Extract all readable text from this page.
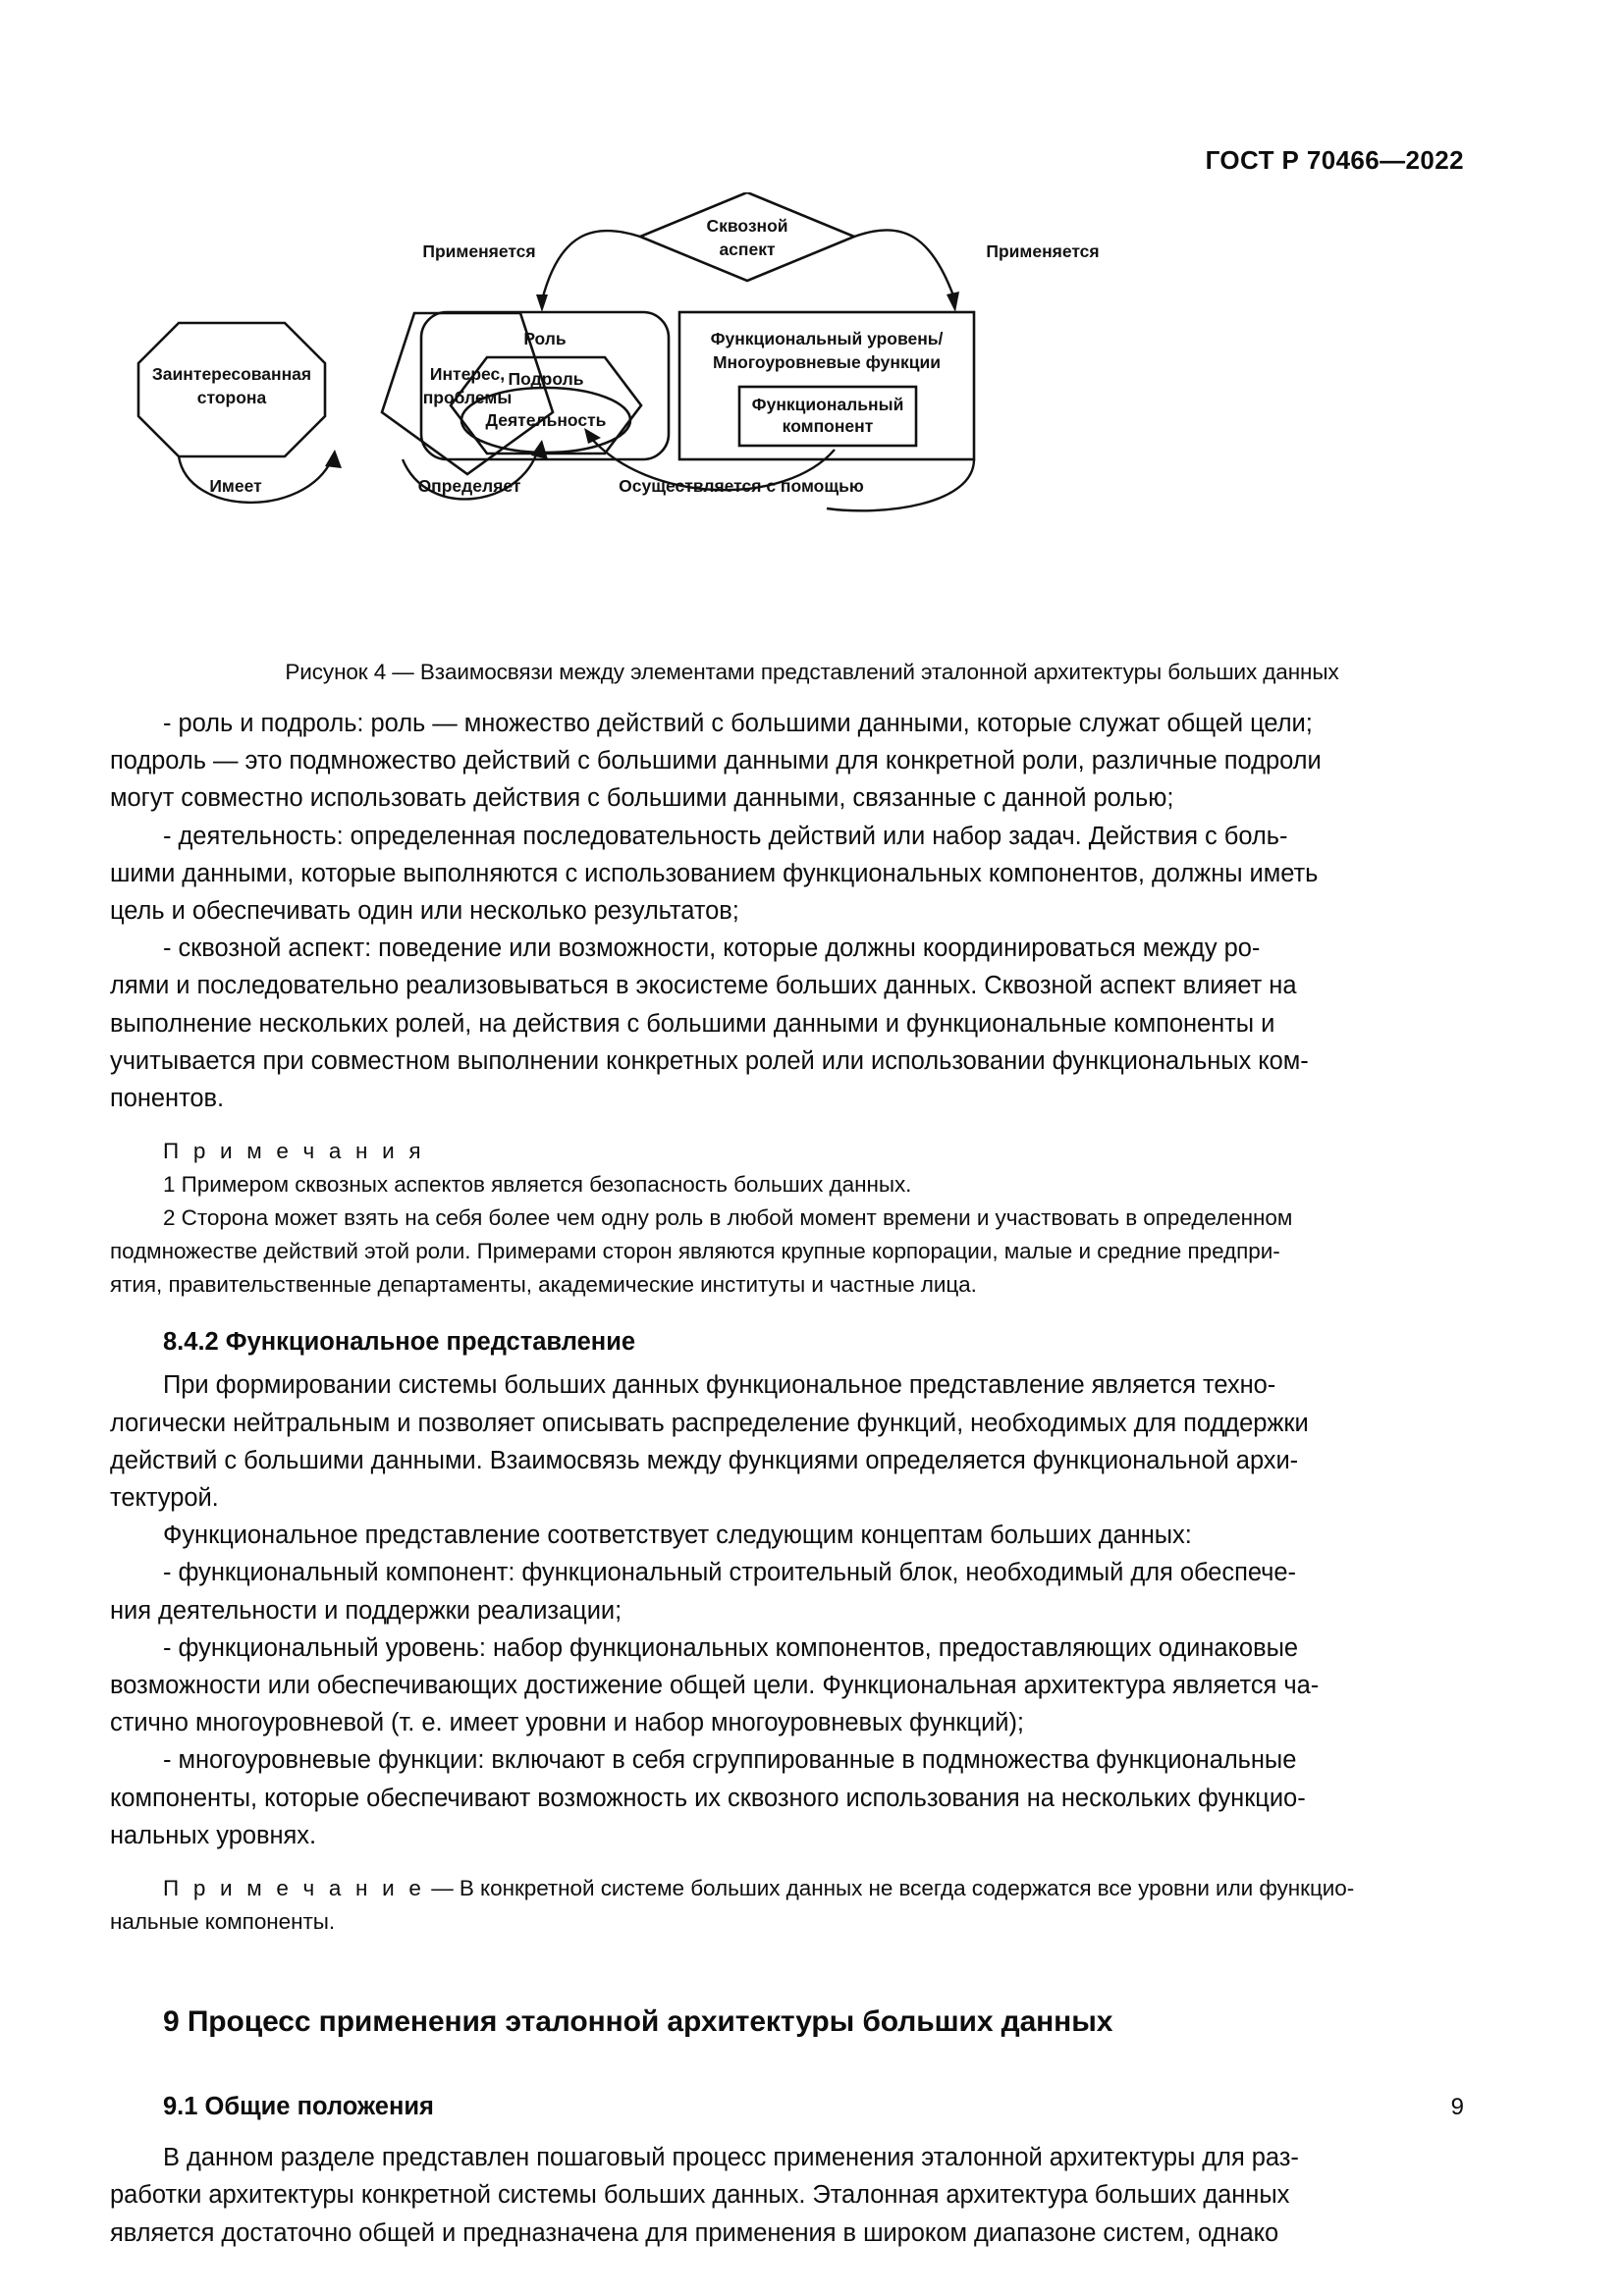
ГОСТ Р 70466—2022
Сквозной
аспект
Применяется	Применяется
Заинтересованная
сторона
Интерес,
проблемы
Роль
Подроль
Деятельность
Функциональный уровень/
Многоуровневые функции
Функциональный
компонент
Имеет	Определяет	Осуществляется с помощью
Рисунок 4 — Взаимосвязи между элементами представлений эталонной архитектуры больших данных

- роль и подроль: роль — множество действий с большими данными, которые служат общей цели;

подроль — это подмножество действий с большими данными для конкретной роли, различные подроли

могут совместно использовать действия с большими данными, связанные с данной ролью;

- деятельность: определенная последовательность действий или набор задач. Действия с боль-

шими данными, которые выполняются с использованием функциональных компонентов, должны иметь

цель и обеспечивать один или несколько результатов;

- сквозной аспект: поведение или возможности, которые должны координироваться между ро-

лями и последовательно реализовываться в экосистеме больших данных. Сквозной аспект влияет на

выполнение нескольких ролей, на действия с большими данными и функциональные компоненты и

учитывается при совместном выполнении конкретных ролей или использовании функциональных ком-

понентов.

П р и м е ч а н и я

1 Примером сквозных аспектов является безопасность больших данных.

2 Сторона может взять на себя более чем одну роль в любой момент времени и участвовать в определенном

подмножестве действий этой роли. Примерами сторон являются крупные корпорации, малые и средние предпри-

ятия, правительственные департаменты, академические институты и частные лица.

8.4.2 Функциональное представление

При формировании системы больших данных функциональное представление является техно-

логически нейтральным и позволяет описывать распределение функций, необходимых для поддержки

действий с большими данными. Взаимосвязь между функциями определяется функциональной архи-

тектурой.

Функциональное представление соответствует следующим концептам больших данных:

- функциональный компонент: функциональный строительный блок, необходимый для обеспече-

ния деятельности и поддержки реализации;

- функциональный уровень: набор функциональных компонентов, предоставляющих одинаковые

возможности или обеспечивающих достижение общей цели. Функциональная архитектура является ча-

стично многоуровневой (т. е. имеет уровни и набор многоуровневых функций);

- многоуровневые функции: включают в себя сгруппированные в подмножества функциональные

компоненты, которые обеспечивают возможность их сквозного использования на нескольких функцио-

нальных уровнях.

П р и м е ч а н и е — В конкретной системе больших данных не всегда содержатся все уровни или функцио-

нальные компоненты.

9 Процесс применения эталонной архитектуры больших данных
9.1 Общие положения

В данном разделе представлен пошаговый процесс применения эталонной архитектуры для раз-

работки архитектуры конкретной системы больших данных. Эталонная архитектура больших данных

является достаточно общей и предназначена для применения в широком диапазоне систем, однако

9
